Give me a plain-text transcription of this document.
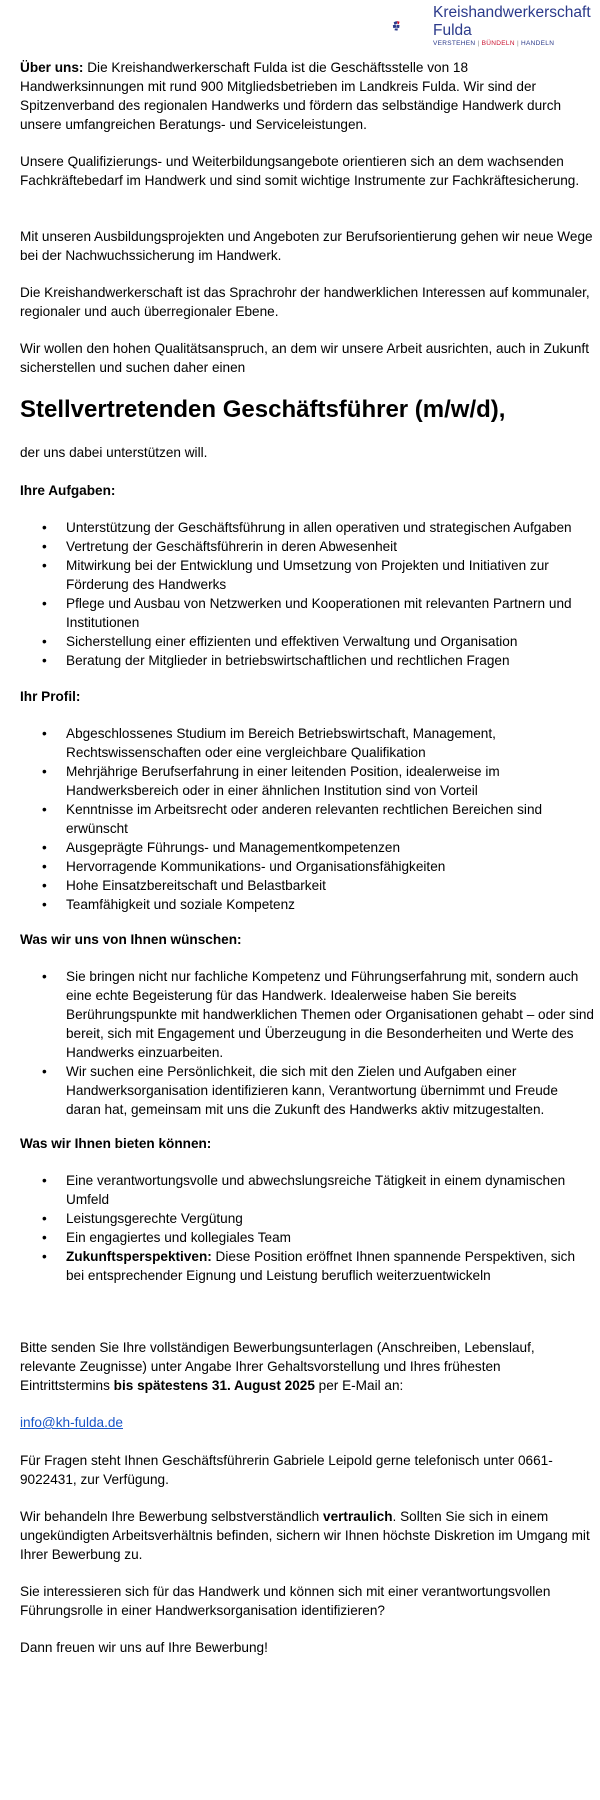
Kreishandwerkerschaft
Fulda
VERSTEHEN | BÜNDELN | HANDELN

Über uns: Die Kreishandwerkerschaft Fulda ist die Geschäftsstelle von 18 Handwerksinnungen mit rund 900 Mitgliedsbetrieben im Landkreis Fulda. Wir sind der Spitzenverband des regionalen Handwerks und fördern das selbständige Handwerk durch unsere umfangreichen Beratungs- und Serviceleistungen.

Unsere Qualifizierungs- und Weiterbildungsangebote orientieren sich an dem wachsenden Fachkräftebedarf im Handwerk und sind somit wichtige Instrumente zur Fachkräftesicherung.
Mit unseren Ausbildungsprojekten und Angeboten zur Berufsorientierung gehen wir neue Wege bei der Nachwuchssicherung im Handwerk.
Die Kreishandwerkerschaft ist das Sprachrohr der handwerklichen Interessen auf kommunaler, regionaler und auch überregionaler Ebene.
Wir wollen den hohen Qualitätsanspruch, an dem wir unsere Arbeit ausrichten, auch in Zukunft sicherstellen und suchen daher einen
Stellvertretenden Geschäftsführer (m/w/d),
der uns dabei unterstützen will.
Ihre Aufgaben:
• Unterstützung der Geschäftsführung in allen operativen und strategischen Aufgaben
• Vertretung der Geschäftsführerin in deren Abwesenheit
• Mitwirkung bei der Entwicklung und Umsetzung von Projekten und Initiativen zur Förderung des Handwerks
• Pflege und Ausbau von Netzwerken und Kooperationen mit relevanten Partnern und Institutionen
• Sicherstellung einer effizienten und effektiven Verwaltung und Organisation
• Beratung der Mitglieder in betriebswirtschaftlichen und rechtlichen Fragen
Ihr Profil:
• Abgeschlossenes Studium im Bereich Betriebswirtschaft, Management, Rechtswissenschaften oder eine vergleichbare Qualifikation
• Mehrjährige Berufserfahrung in einer leitenden Position, idealerweise im Handwerksbereich oder in einer ähnlichen Institution sind von Vorteil
• Kenntnisse im Arbeitsrecht oder anderen relevanten rechtlichen Bereichen sind erwünscht
• Ausgeprägte Führungs- und Managementkompetenzen
• Hervorragende Kommunikations- und Organisationsfähigkeiten
• Hohe Einsatzbereitschaft und Belastbarkeit
• Teamfähigkeit und soziale Kompetenz
Was wir uns von Ihnen wünschen:
• Sie bringen nicht nur fachliche Kompetenz und Führungserfahrung mit, sondern auch eine echte Begeisterung für das Handwerk. Idealerweise haben Sie bereits Berührungspunkte mit handwerklichen Themen oder Organisationen gehabt – oder sind bereit, sich mit Engagement und Überzeugung in die Besonderheiten und Werte des Handwerks einzuarbeiten.
• Wir suchen eine Persönlichkeit, die sich mit den Zielen und Aufgaben einer Handwerksorganisation identifizieren kann, Verantwortung übernimmt und Freude daran hat, gemeinsam mit uns die Zukunft des Handwerks aktiv mitzugestalten.
Was wir Ihnen bieten können:
• Eine verantwortungsvolle und abwechslungsreiche Tätigkeit in einem dynamischen Umfeld
• Leistungsgerechte Vergütung
• Ein engagiertes und kollegiales Team
• Zukunftsperspektiven: Diese Position eröffnet Ihnen spannende Perspektiven, sich bei entsprechender Eignung und Leistung beruflich weiterzuentwickeln

Bitte senden Sie Ihre vollständigen Bewerbungsunterlagen (Anschreiben, Lebenslauf, relevante Zeugnisse) unter Angabe Ihrer Gehaltsvorstellung und Ihres frühesten Eintrittstermins bis spätestens 31. August 2025 per E-Mail an:

info@kh-fulda.de
Für Fragen steht Ihnen Geschäftsführerin Gabriele Leipold gerne telefonisch unter 0661-9022431, zur Verfügung.

Wir behandeln Ihre Bewerbung selbstverständlich vertraulich. Sollten Sie sich in einem ungekündigten Arbeitsverhältnis befinden, sichern wir Ihnen höchste Diskretion im Umgang mit Ihrer Bewerbung zu.

Sie interessieren sich für das Handwerk und können sich mit einer verantwortungsvollen Führungsrolle in einer Handwerksorganisation identifizieren?
Dann freuen wir uns auf Ihre Bewerbung!
